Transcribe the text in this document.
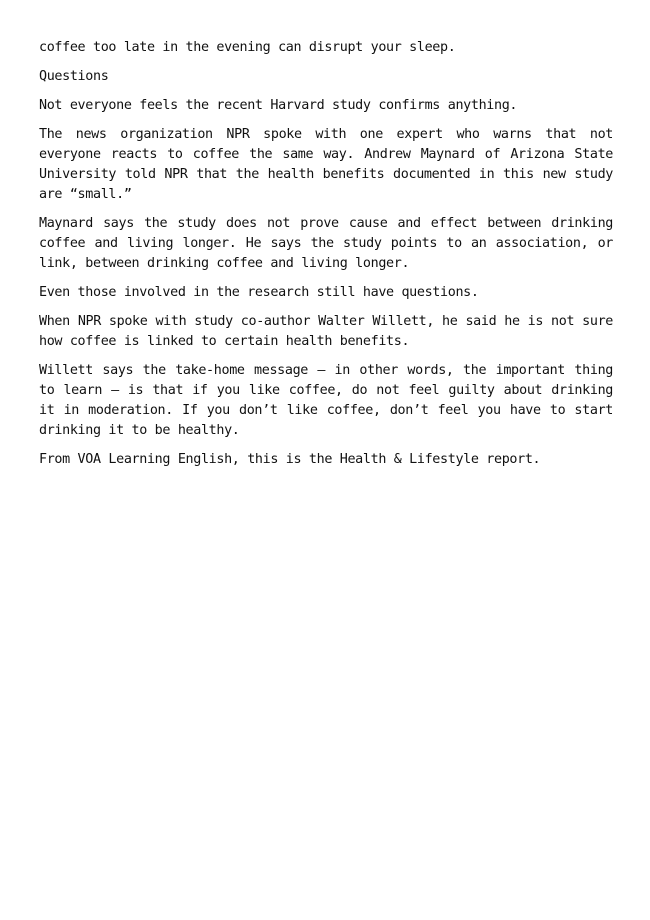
coffee too late in the evening can disrupt your sleep.

Questions

Not everyone feels the recent Harvard study confirms anything.

The news organization NPR spoke with one expert who warns that not everyone reacts to coffee the same way. Andrew Maynard of Arizona State University told NPR that the health benefits documented in this new study are “small.”

Maynard says the study does not prove cause and effect between drinking coffee and living longer. He says the study points to an association, or link, between drinking coffee and living longer.

Even those involved in the research still have questions.

When NPR spoke with study co-author Walter Willett, he said he is not sure how coffee is linked to certain health benefits.

Willett says the take-home message – in other words, the important thing to learn – is that if you like coffee, do not feel guilty about drinking it in moderation. If you don’t like coffee, don’t feel you have to start drinking it to be healthy.

From VOA Learning English, this is the Health & Lifestyle report.
